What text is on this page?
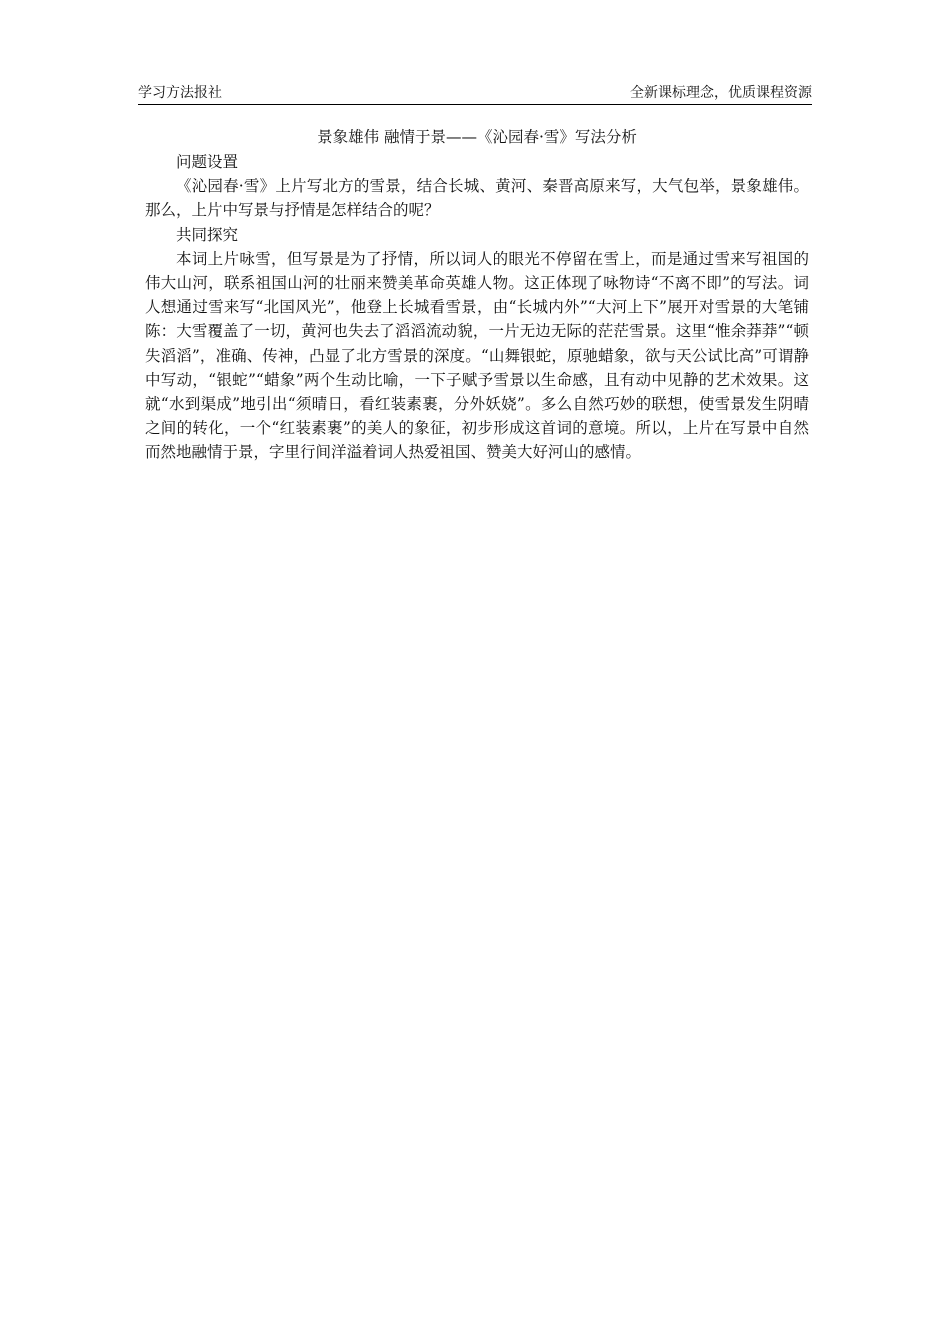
学习方法报社	全新课标理念，优质课程资源
景象雄伟 融情于景——《沁园春·雪》写法分析

问题设置

《沁园春·雪》上片写北方的雪景，结合长城、黄河、秦晋高原来写，大气包举，景象雄伟。那么，上片中写景与抒情是怎样结合的呢？

共同探究

本词上片咏雪，但写景是为了抒情，所以词人的眼光不停留在雪上，而是通过雪来写祖国的伟大山河，联系祖国山河的壮丽来赞美革命英雄人物。这正体现了咏物诗“不离不即”的写法。词人想通过雪来写“北国风光”，他登上长城看雪景，由“长城内外”“大河上下”展开对雪景的大笔铺陈：大雪覆盖了一切，黄河也失去了滔滔流动貌，一片无边无际的茫茫雪景。这里“惟余莽莽”“顿失滔滔”，准确、传神，凸显了北方雪景的深度。“山舞银蛇，原驰蜡象，欲与天公试比高”可谓静中写动，“银蛇”“蜡象”两个生动比喻，一下子赋予雪景以生命感，且有动中见静的艺术效果。这就“水到渠成”地引出“须晴日，看红装素裹，分外妖娆”。多么自然巧妙的联想，使雪景发生阴晴之间的转化，一个“红装素裹”的美人的象征，初步形成这首词的意境。所以，上片在写景中自然而然地融情于景，字里行间洋溢着词人热爱祖国、赞美大好河山的感情。
